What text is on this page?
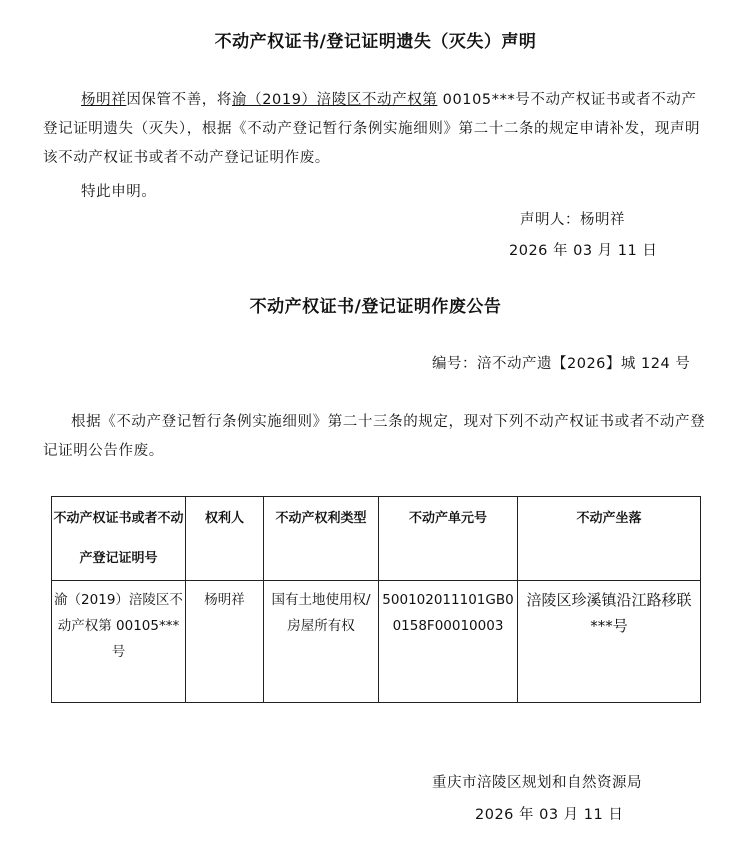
不动产权证书/登记证明遗失（灭失）声明
杨明祥因保管不善，将渝（2019）涪陵区不动产权第 00105***号不动产权证书或者不动产登记证明遗失（灭失），根据《不动产登记暂行条例实施细则》第二十二条的规定申请补发，现声明该不动产权证书或者不动产登记证明作废。
特此申明。
声明人：杨明祥
2026 年 03 月 11 日
不动产权证书/登记证明作废公告
编号：涪不动产遗【2026】城 124 号
根据《不动产登记暂行条例实施细则》第二十三条的规定，现对下列不动产权证书或者不动产登记证明公告作废。
不动产权证书或者不动产登记证明号	权利人	不动产权利类型	不动产单元号	不动产坐落
渝（2019）涪陵区不动产权第 00105***号	杨明祥	国有土地使用权/房屋所有权	500102011101GB00158F00010003	涪陵区珍溪镇沿江路移联***号
重庆市涪陵区规划和自然资源局
2026 年 03 月 11 日
